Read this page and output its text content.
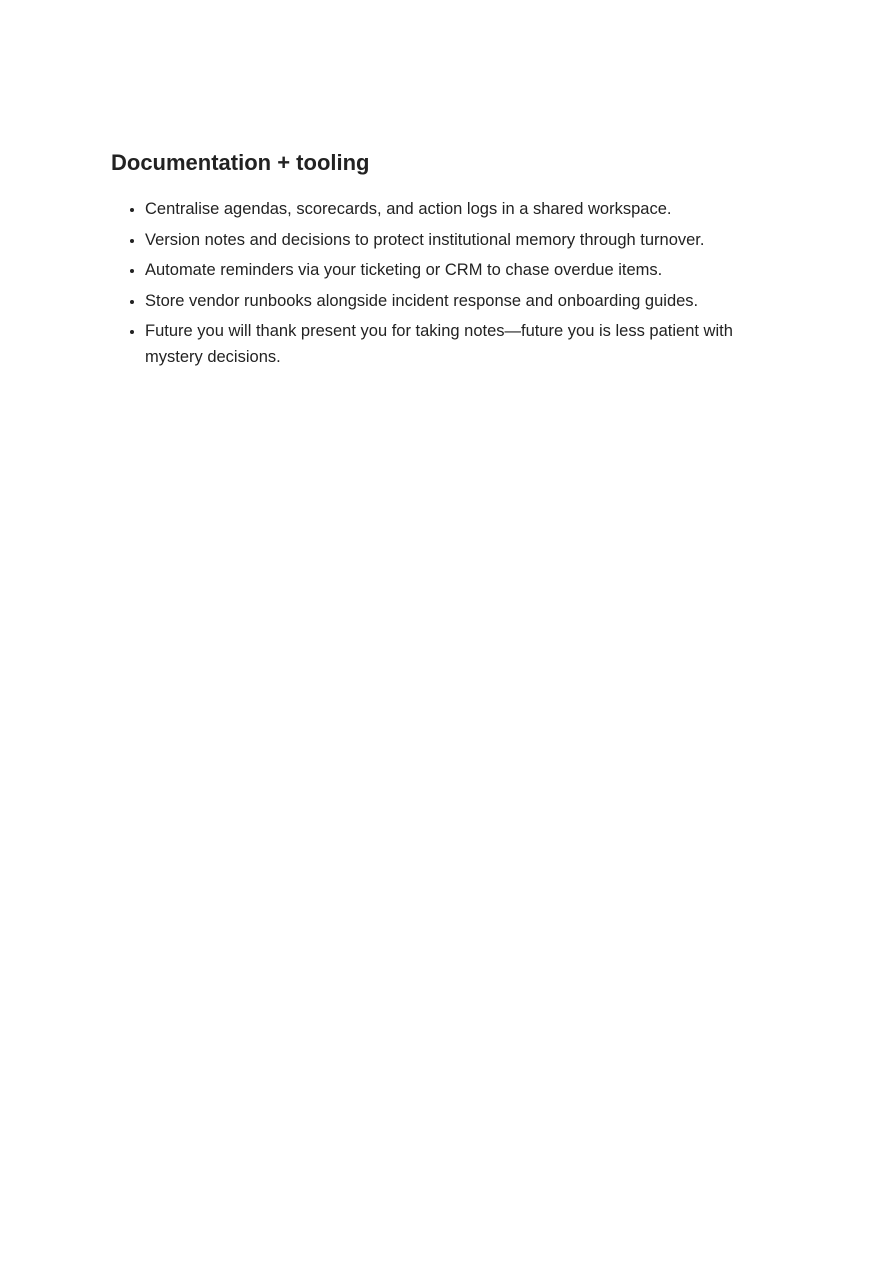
Documentation + tooling
• Centralise agendas, scorecards, and action logs in a shared workspace.
• Version notes and decisions to protect institutional memory through turnover.
• Automate reminders via your ticketing or CRM to chase overdue items.
• Store vendor runbooks alongside incident response and onboarding guides.
• Future you will thank present you for taking notes—future you is less patient with mystery decisions.
